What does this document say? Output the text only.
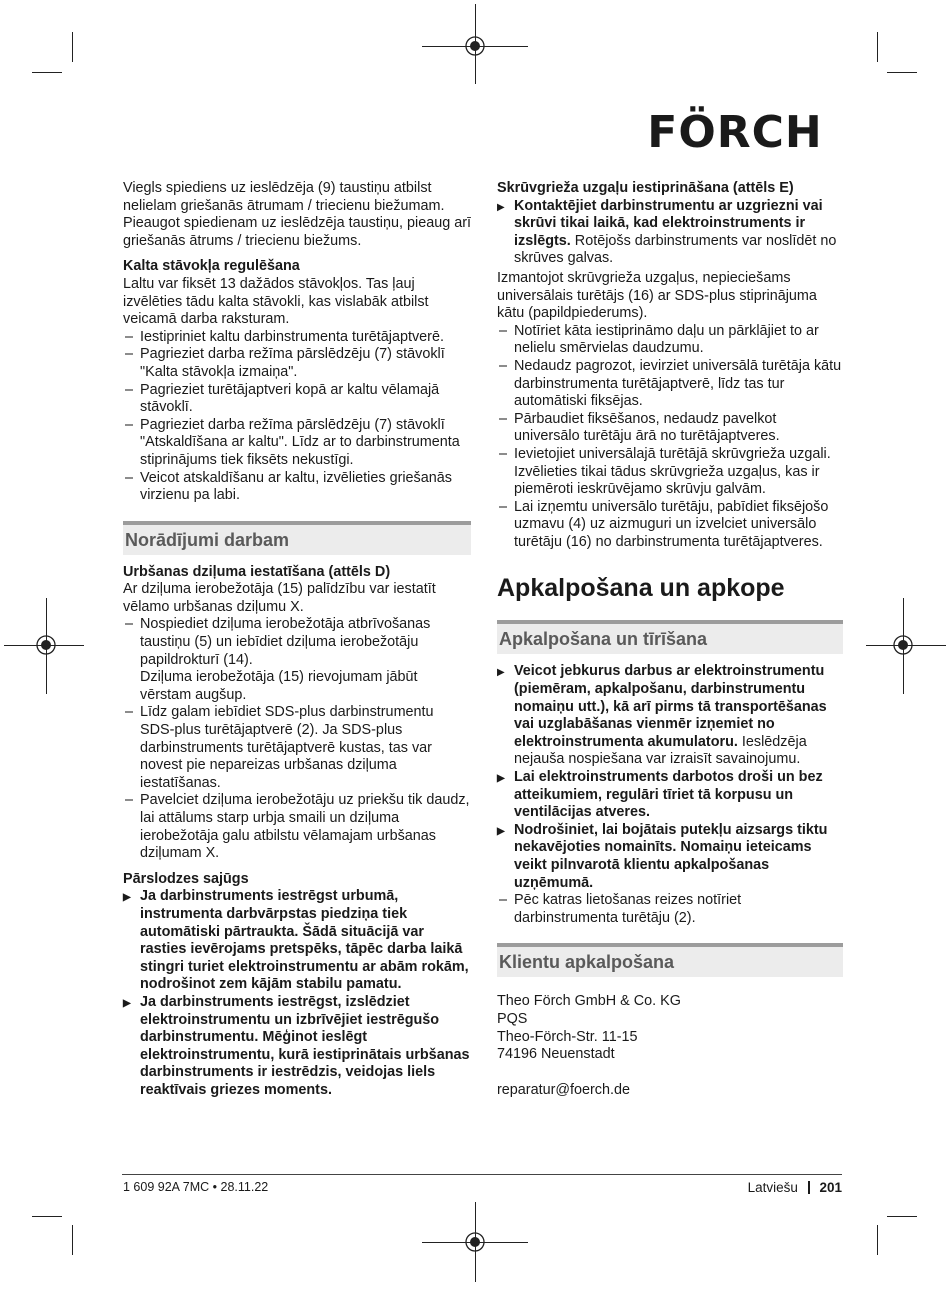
FÖRCH

Viegls spiediens uz ieslēdzēja (9) taustiņu atbilst nelielam griešanās ātrumam / triecienu biežumam. Pieaugot spiedienam uz ieslēdzēja taustiņu, pieaug arī griešanās ātrums / triecienu biežums.

Kalta stāvokļa regulēšana

Laltu var fiksēt 13 dažādos stāvokļos. Tas ļauj izvēlēties tādu kalta stāvokli, kas vislabāk atbilst veicamā darba raksturam.

– Iestipriniet kaltu darbinstrumenta turētājaptverē.
– Pagrieziet darba režīma pārslēdzēju (7) stāvoklī "Kalta stāvokļa izmaiņa".
– Pagrieziet turētājaptveri kopā ar kaltu vēlamajā stāvoklī.
– Pagrieziet darba režīma pārslēdzēju (7) stāvoklī "Atskaldīšana ar kaltu". Līdz ar to darbinstrumenta stiprinājums tiek fiksēts nekustīgi.
– Veicot atskaldīšanu ar kaltu, izvēlieties griešanās virzienu pa labi.

Norādījumi darbam

Urbšanas dziļuma iestatīšana (attēls D)

Ar dziļuma ierobežotāja (15) palīdzību var iestatīt vēlamo urbšanas dziļumu X.

– Nospiediet dziļuma ierobežotāja atbrīvošanas taustiņu (5) un iebīdiet dziļuma ierobežotāju papildrokturī (14).
Dziļuma ierobežotāja (15) rievojumam jābūt vērstam augšup.
– Līdz galam iebīdiet SDS-plus darbinstrumentu SDS-plus turētājaptverē (2). Ja SDS-plus darbinstruments turētājaptverē kustas, tas var novest pie nepareizas urbšanas dziļuma iestatīšanas.
– Pavelciet dziļuma ierobežotāju uz priekšu tik daudz, lai attālums starp urbja smaili un dziļuma ierobežotāja galu atbilstu vēlamajam urbšanas dziļumam X.

Pārslodzes sajūgs

▶ Ja darbinstruments iestrēgst urbumā, instrumenta darbvārpstas piedziņa tiek automātiski pārtraukta. Šādā situācijā var rasties ievērojams pretspēks, tāpēc darba laikā stingri turiet elektroinstrumentu ar abām rokām, nodrošinot zem kājām stabilu pamatu.
▶ Ja darbinstruments iestrēgst, izslēdziet elektroinstrumentu un izbrīvējiet iestrēgušo darbinstrumentu. Mēģinot ieslēgt elektroinstrumentu, kurā iestiprinātais urbšanas darbinstruments ir iestrēdzis, veidojas liels reaktīvais griezes moments.

Skrūvgrieža uzgaļu iestiprināšana (attēls E)

▶ Kontaktējiet darbinstrumentu ar uzgriezni vai skrūvi tikai laikā, kad elektroinstruments ir izslēgts. Rotējošs darbinstruments var noslīdēt no skrūves galvas.

Izmantojot skrūvgrieža uzgaļus, nepieciešams universālais turētājs (16) ar SDS-plus stiprinājuma kātu (papildpiederums).

– Notīriet kāta iestiprināmo daļu un pārklājiet to ar nelielu smērvielas daudzumu.
– Nedaudz pagrozot, ievirziet universālā turētāja kātu darbinstrumenta turētājaptverē, līdz tas tur automātiski fiksējas.
– Pārbaudiet fiksēšanos, nedaudz pavelkot universālo turētāju ārā no turētājaptveres.
– Ievietojiet universālajā turētājā skrūvgrieža uzgali. Izvēlieties tikai tādus skrūvgrieža uzgaļus, kas ir piemēroti ieskrūvējamo skrūvju galvām.
– Lai izņemtu universālo turētāju, pabīdiet fiksējošo uzmavu (4) uz aizmuguri un izvelciet universālo turētāju (16) no darbinstrumenta turētājaptveres.

Apkalpošana un apkope

Apkalpošana un tīrīšana

▶ Veicot jebkurus darbus ar elektroinstrumentu (piemēram, apkalpošanu, darbinstrumentu nomaiņu utt.), kā arī pirms tā transportēšanas vai uzglabāšanas vienmēr izņemiet no elektroinstrumenta akumulatoru. Ieslēdzēja nejauša nospiešana var izraisīt savainojumu.
▶ Lai elektroinstruments darbotos droši un bez atteikumiem, regulāri tīriet tā korpusu un ventilācijas atveres.
▶ Nodrošiniet, lai bojātais putekļu aizsargs tiktu nekavējoties nomainīts. Nomaiņu ieteicams veikt pilnvarotā klientu apkalpošanas uzņēmumā.
– Pēc katras lietošanas reizes notīriet darbinstrumenta turētāju (2).

Klientu apkalpošana

Theo Förch GmbH & Co. KG
PQS
Theo-Förch-Str. 11-15
74196 Neuenstadt

reparatur@foerch.de

1 609 92A 7MC • 28.11.22	Latviešu 201
